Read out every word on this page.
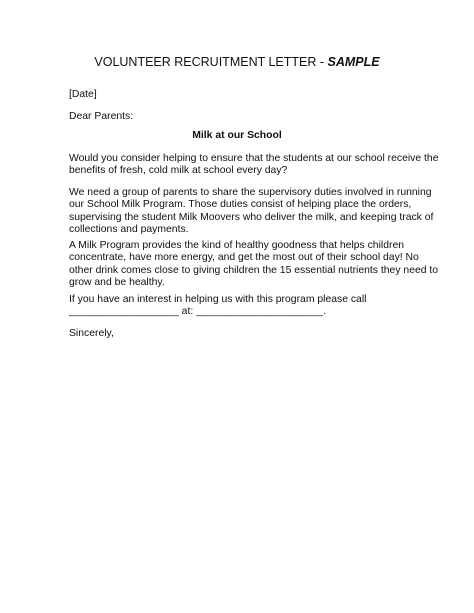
VOLUNTEER RECRUITMENT LETTER - SAMPLE
[Date]
Dear Parents:
Milk at our School
Would you consider helping to ensure that the students at our school receive the
benefits of fresh, cold milk at school every day?
We need a group of parents to share the supervisory duties involved in running
our School Milk Program. Those duties consist of helping place the orders,
supervising the student Milk Moovers who deliver the milk, and keeping track of
collections and payments.
A Milk Program provides the kind of healthy goodness that helps children
concentrate, have more energy, and get the most out of their school day! No
other drink comes close to giving children the 15 essential nutrients they need to
grow and be healthy.
If you have an interest in helping us with this program please call
___________________ at: ______________________.
Sincerely,
